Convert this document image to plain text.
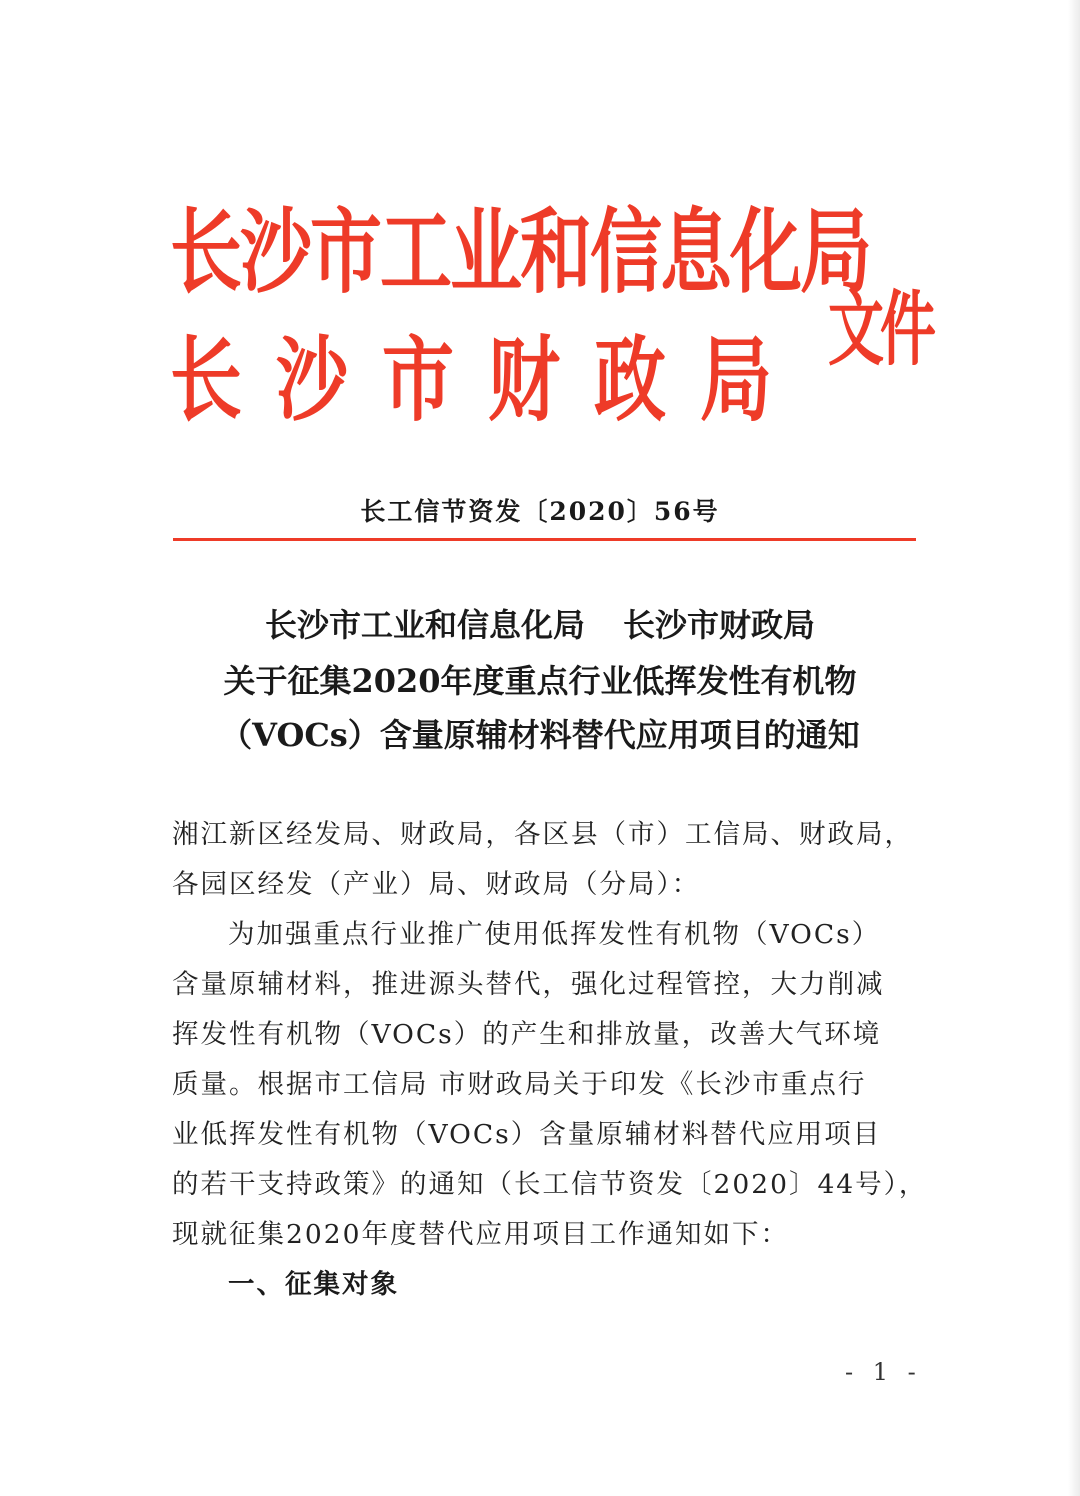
长沙市工业和信息化局
长沙市财政局 文件
长工信节资发〔2020〕56号
长沙市工业和信息化局 长沙市财政局
关于征集2020年度重点行业低挥发性有机物
（VOCs）含量原辅材料替代应用项目的通知
湘江新区经发局、财政局，各区县（市）工信局、财政局，
各园区经发（产业）局、财政局（分局）：
为加强重点行业推广使用低挥发性有机物（VOCs）
含量原辅材料，推进源头替代，强化过程管控，大力削减
挥发性有机物（VOCs）的产生和排放量，改善大气环境
质量。根据市工信局 市财政局关于印发《长沙市重点行
业低挥发性有机物（VOCs）含量原辅材料替代应用项目
的若干支持政策》的通知（长工信节资发〔2020〕44号），
现就征集2020年度替代应用项目工作通知如下：
一、征集对象
- 1 -
